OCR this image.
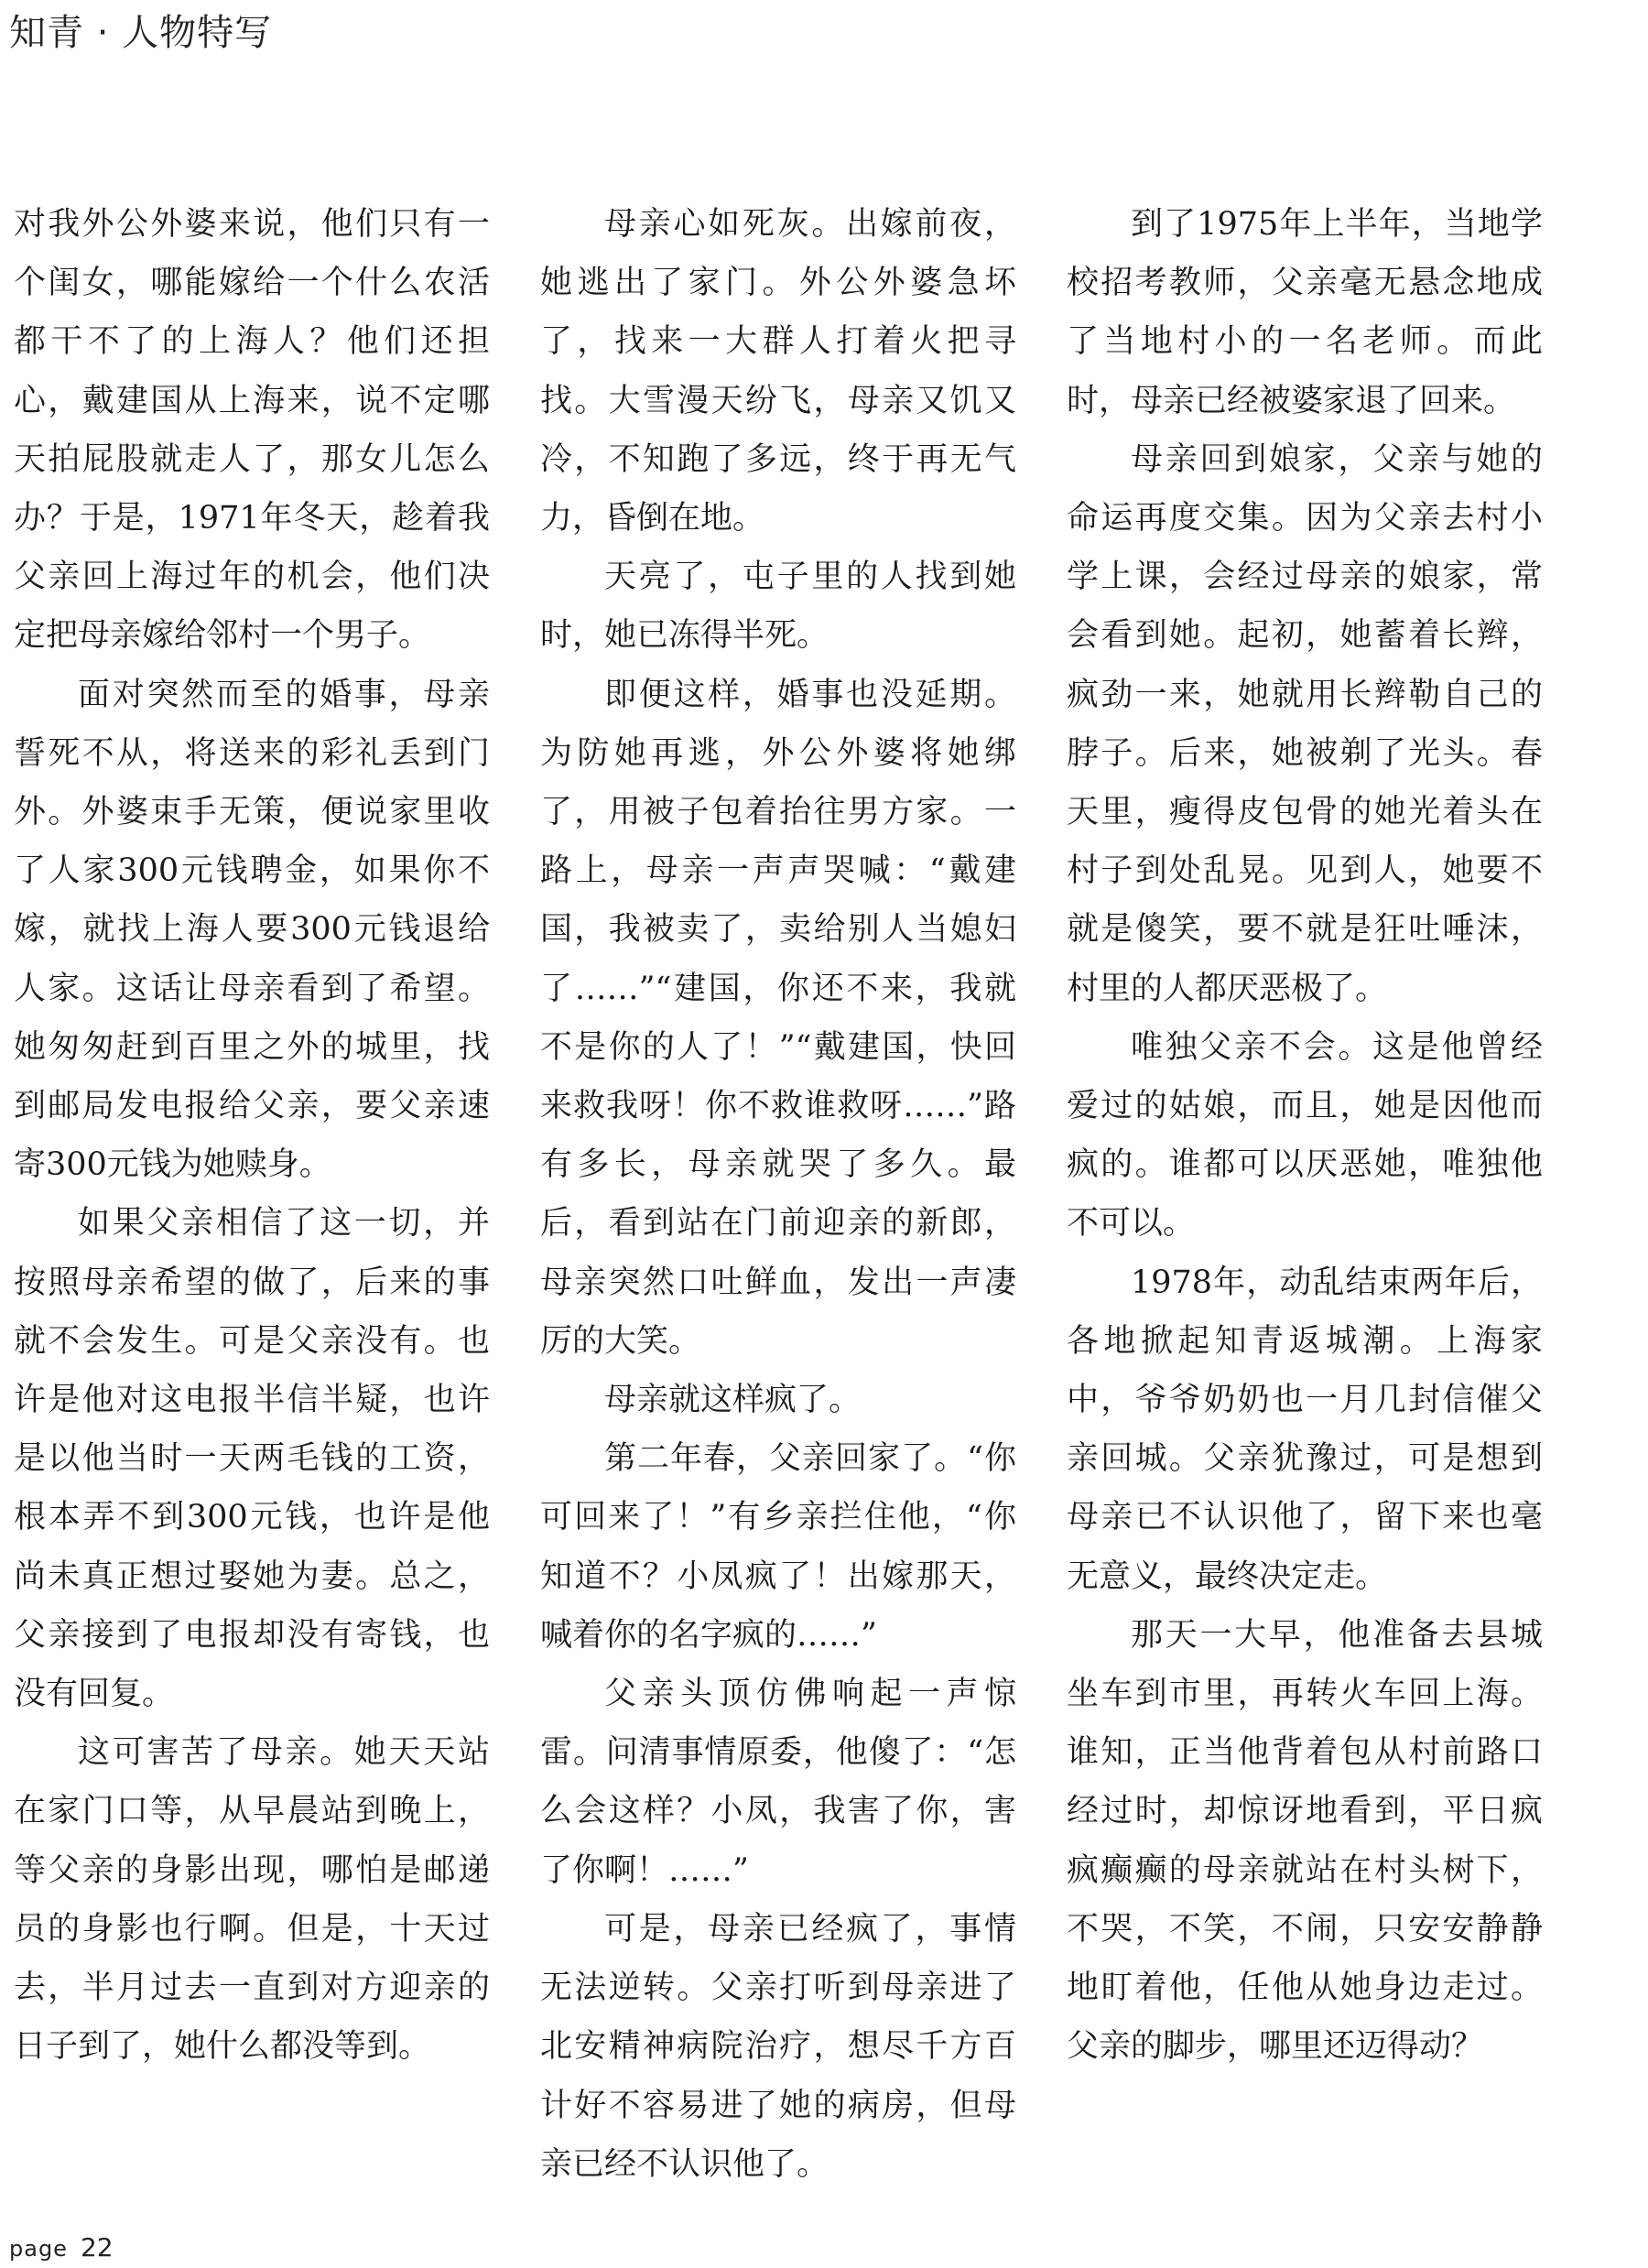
知青 · 人物特写

对我外公外婆来说，他们只有一个闺女，哪能嫁给一个什么农活都干不了的上海人？他们还担心，戴建国从上海来，说不定哪天拍屁股就走人了，那女儿怎么办？于是，1971年冬天，趁着我父亲回上海过年的机会，他们决定把母亲嫁给邻村一个男子。

面对突然而至的婚事，母亲誓死不从，将送来的彩礼丢到门外。外婆束手无策，便说家里收了人家300元钱聘金，如果你不嫁，就找上海人要300元钱退给人家。这话让母亲看到了希望。她匆匆赶到百里之外的城里，找到邮局发电报给父亲，要父亲速寄300元钱为她赎身。

如果父亲相信了这一切，并按照母亲希望的做了，后来的事就不会发生。可是父亲没有。也许是他对这电报半信半疑，也许是以他当时一天两毛钱的工资，根本弄不到300元钱，也许是他尚未真正想过娶她为妻。总之，父亲接到了电报却没有寄钱，也没有回复。

这可害苦了母亲。她天天站在家门口等，从早晨站到晚上，等父亲的身影出现，哪怕是邮递员的身影也行啊。但是，十天过去，半月过去一直到对方迎亲的日子到了，她什么都没等到。

母亲心如死灰。出嫁前夜，她逃出了家门。外公外婆急坏了，找来一大群人打着火把寻找。大雪漫天纷飞，母亲又饥又冷，不知跑了多远，终于再无气力，昏倒在地。

天亮了，屯子里的人找到她时，她已冻得半死。

即便这样，婚事也没延期。为防她再逃，外公外婆将她绑了，用被子包着抬往男方家。一路上，母亲一声声哭喊：“戴建国，我被卖了，卖给别人当媳妇了……”“建国，你还不来，我就不是你的人了！”“戴建国，快回来救我呀！你不救谁救呀……”路有多长，母亲就哭了多久。最后，看到站在门前迎亲的新郎，母亲突然口吐鲜血，发出一声凄厉的大笑。

母亲就这样疯了。

第二年春，父亲回家了。“你可回来了！”有乡亲拦住他，“你知道不？小凤疯了！出嫁那天，喊着你的名字疯的……”

父亲头顶仿佛响起一声惊雷。问清事情原委，他傻了：“怎么会这样？小凤，我害了你，害了你啊！……”

可是，母亲已经疯了，事情无法逆转。父亲打听到母亲进了北安精神病院治疗，想尽千方百计好不容易进了她的病房，但母亲已经不认识他了。

到了1975年上半年，当地学校招考教师，父亲毫无悬念地成了当地村小的一名老师。而此时，母亲已经被婆家退了回来。

母亲回到娘家，父亲与她的命运再度交集。因为父亲去村小学上课，会经过母亲的娘家，常会看到她。起初，她蓄着长辫，疯劲一来，她就用长辫勒自己的脖子。后来，她被剃了光头。春天里，瘦得皮包骨的她光着头在村子到处乱晃。见到人，她要不就是傻笑，要不就是狂吐唾沫，村里的人都厌恶极了。

唯独父亲不会。这是他曾经爱过的姑娘，而且，她是因他而疯的。谁都可以厌恶她，唯独他不可以。

1978年，动乱结束两年后，各地掀起知青返城潮。上海家中，爷爷奶奶也一月几封信催父亲回城。父亲犹豫过，可是想到母亲已不认识他了，留下来也毫无意义，最终决定走。

那天一大早，他准备去县城坐车到市里，再转火车回上海。谁知，正当他背着包从村前路口经过时，却惊讶地看到，平日疯疯癫癫的母亲就站在村头树下，不哭，不笑，不闹，只安安静静地盯着他，任他从她身边走过。父亲的脚步，哪里还迈得动？

page 22
